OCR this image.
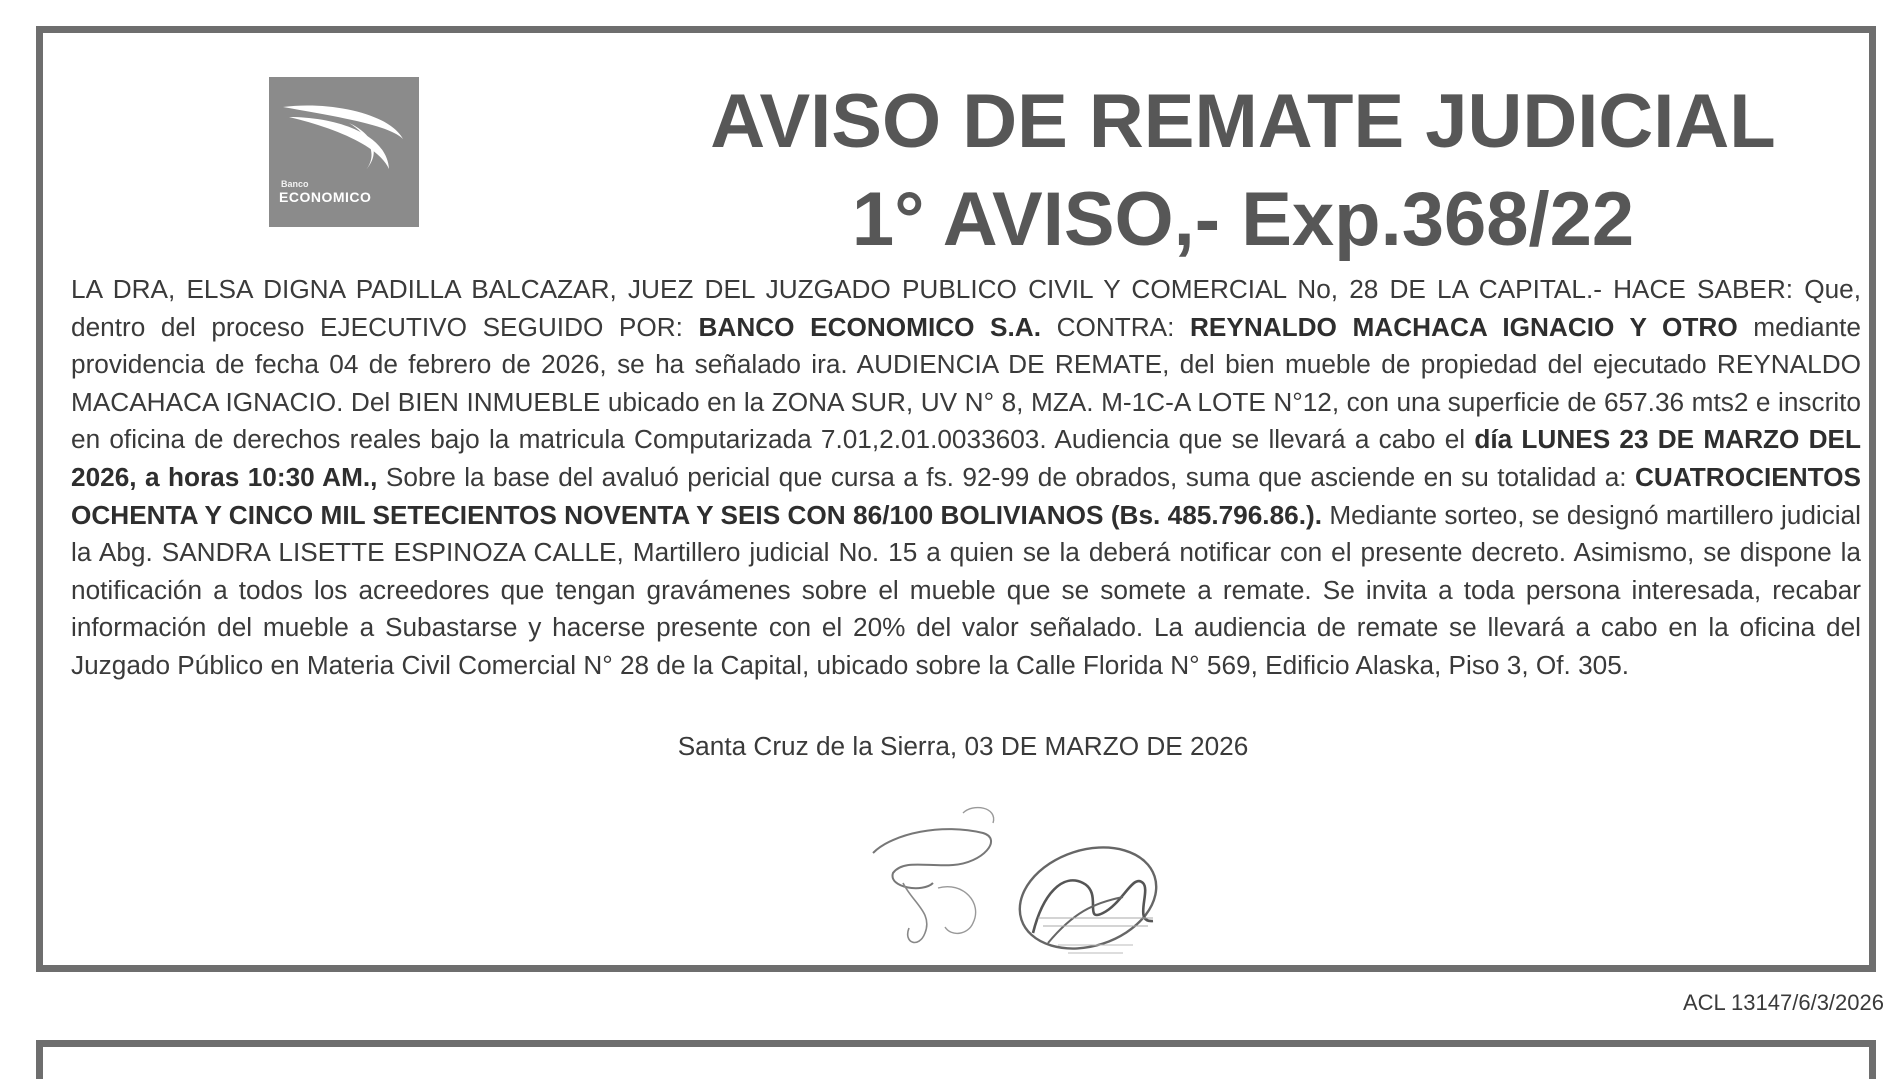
Banco
ECONOMICO
AVISO DE REMATE JUDICIAL
1° AVISO,- Exp.368/22

LA DRA, ELSA DIGNA PADILLA BALCAZAR, JUEZ DEL JUZGADO PUBLICO CIVIL Y COMERCIAL No, 28 DE LA CAPITAL.- HACE SABER: Que, dentro del proceso EJECUTIVO SEGUIDO POR: BANCO ECONOMICO S.A. CONTRA: REYNALDO MACHACA IGNACIO Y OTRO mediante providencia de fecha 04 de febrero de 2026, se ha señalado ira. AUDIENCIA DE REMATE, del bien mueble de propiedad del ejecutado REYNALDO MACAHACA IGNACIO. Del BIEN INMUEBLE ubicado en la ZONA SUR, UV N° 8, MZA. M-1C-A LOTE N°12, con una superficie de 657.36 mts2 e inscrito en oficina de derechos reales bajo la matricula Computarizada 7.01,2.01.0033603. Audiencia que se llevará a cabo el día LUNES 23 DE MARZO DEL 2026, a horas 10:30 AM., Sobre la base del avaluó pericial que cursa a fs. 92-99 de obrados, suma que asciende en su totalidad a: CUATROCIENTOS OCHENTA Y CINCO MIL SETECIENTOS NOVENTA Y SEIS CON 86/100 BOLIVIANOS (Bs. 485.796.86.). Mediante sorteo, se designó martillero judicial la Abg. SANDRA LISETTE ESPINOZA CALLE, Martillero judicial No. 15 a quien se la deberá notificar con el presente decreto. Asimismo, se dispone la notificación a todos los acreedores que tengan gravámenes sobre el mueble que se somete a remate. Se invita a toda persona interesada, recabar información del mueble a Subastarse y hacerse presente con el 20% del valor señalado. La audiencia de remate se llevará a cabo en la oficina del Juzgado Público en Materia Civil Comercial N° 28 de la Capital, ubicado sobre la Calle Florida N° 569, Edificio Alaska, Piso 3, Of. 305.

Santa Cruz de la Sierra, 03 DE MARZO DE 2026
ACL 13147/6/3/2026
